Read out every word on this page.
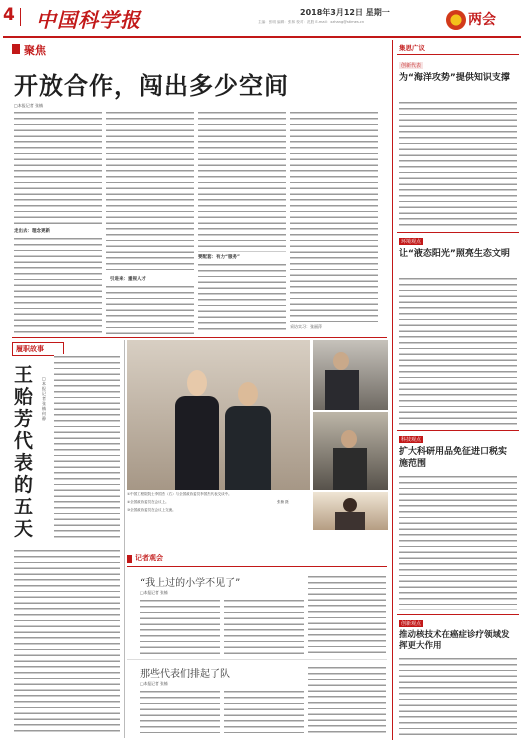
4 中国科学报	2018年3月12日 星期一
主编：张明 编辑：张林 校对：范胜 E-mail：xzhang@stimes.cn	两会
聚焦
开放合作，闯出多少空间
□本报记者 张楠
走出去：理念更新
引进来：重视人才
要配套：有力“服务”
采访实习：张丽萍
履职故事
王贻芳代表的五天
□本报记者 张楠 何静
①中国工程院院士李国杰（右）与全国政协委员李国杰代表交谈中。
②全国政协委员在会议上。
③全国政协委员在会议上交流。
张楠 摄
记者观会
“我上过的小学不见了”
□本报记者 张楠
那些代表们排起了队
□本报记者 张楠
集思广议
创新代表
为“海洋攻势”提供知识支撑
环境观点
让“液态阳光”照亮生态文明
科技观点
扩大科研用品免征进口税实施范围
创新观点
推动核技术在癌症诊疗领域发挥更大作用
